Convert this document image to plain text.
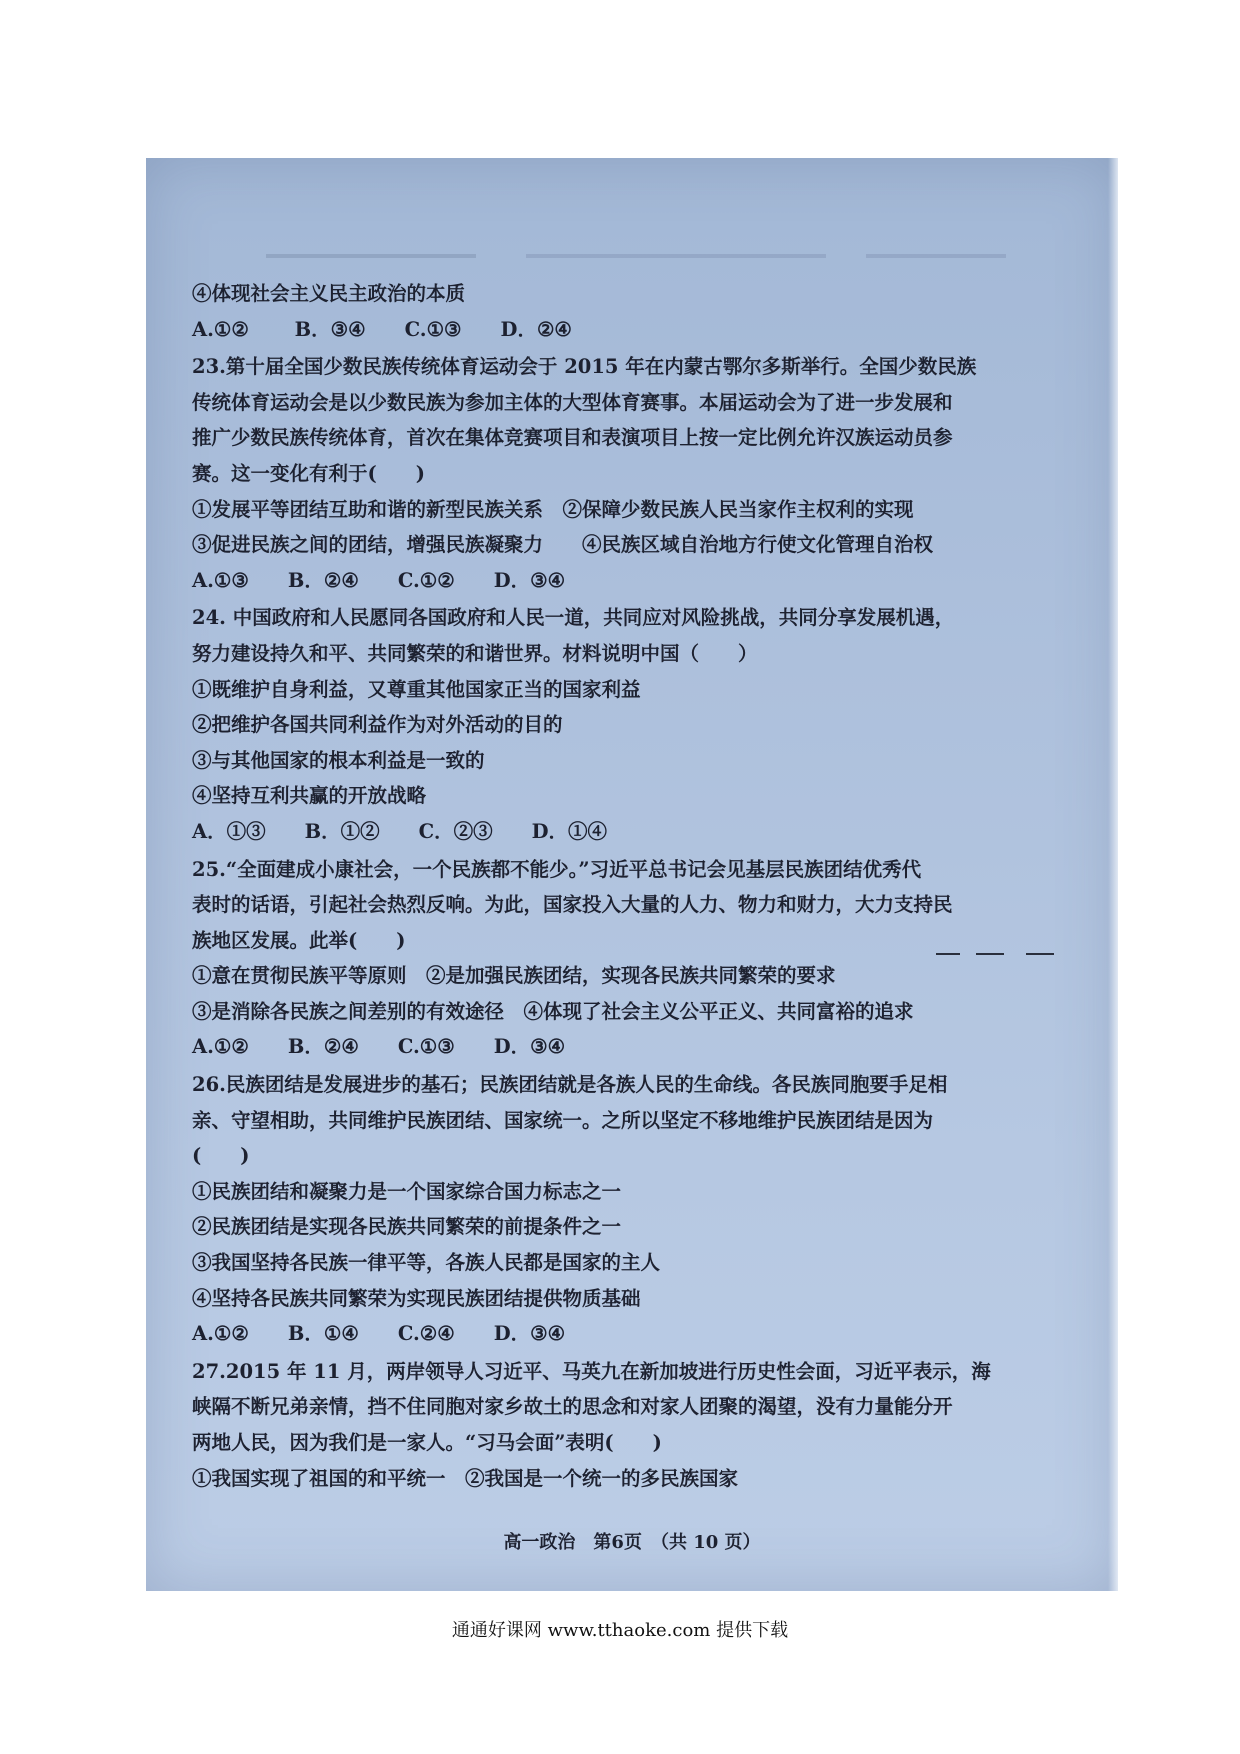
④体现社会主义民主政治的本质

A.①②　　 B．③④　　C.①③　　D．②④

23.第十届全国少数民族传统体育运动会于 2015 年在内蒙古鄂尔多斯举行。全国少数民族

传统体育运动会是以少数民族为参加主体的大型体育赛事。本届运动会为了进一步发展和

推广少数民族传统体育，首次在集体竞赛项目和表演项目上按一定比例允许汉族运动员参

赛。这一变化有利于(　　)

①发展平等团结互助和谐的新型民族关系　②保障少数民族人民当家作主权利的实现

③促进民族之间的团结，增强民族凝聚力　　④民族区域自治地方行使文化管理自治权

A.①③　　B．②④　　C.①②　　D．③④

24. 中国政府和人民愿同各国政府和人民一道，共同应对风险挑战，共同分享发展机遇，

努力建设持久和平、共同繁荣的和谐世界。材料说明中国（　　）

①既维护自身利益，又尊重其他国家正当的国家利益

②把维护各国共同利益作为对外活动的目的

③与其他国家的根本利益是一致的

④坚持互利共赢的开放战略

A．①③　　B．①②　　C．②③　　D．①④

25.“全面建成小康社会，一个民族都不能少。”习近平总书记会见基层民族团结优秀代

表时的话语，引起社会热烈反响。为此，国家投入大量的人力、物力和财力，大力支持民

族地区发展。此举(　　)

①意在贯彻民族平等原则　②是加强民族团结，实现各民族共同繁荣的要求

③是消除各民族之间差别的有效途径　④体现了社会主义公平正义、共同富裕的追求

A.①②　　B．②④　　C.①③　　D．③④

26.民族团结是发展进步的基石；民族团结就是各族人民的生命线。各民族同胞要手足相

亲、守望相助，共同维护民族团结、国家统一。之所以坚定不移地维护民族团结是因为

(　　)

①民族团结和凝聚力是一个国家综合国力标志之一

②民族团结是实现各民族共同繁荣的前提条件之一

③我国坚持各民族一律平等，各族人民都是国家的主人

④坚持各民族共同繁荣为实现民族团结提供物质基础

A.①②　　B．①④　　C.②④　　D．③④

27.2015 年 11 月，两岸领导人习近平、马英九在新加坡进行历史性会面，习近平表示，海

峡隔不断兄弟亲情，挡不住同胞对家乡故土的思念和对家人团聚的渴望，没有力量能分开

两地人民，因为我们是一家人。“习马会面”表明(　　)

①我国实现了祖国的和平统一　②我国是一个统一的多民族国家

高一政治　第6页　（共 10 页）
通通好课网 www.tthaoke.com 提供下载
